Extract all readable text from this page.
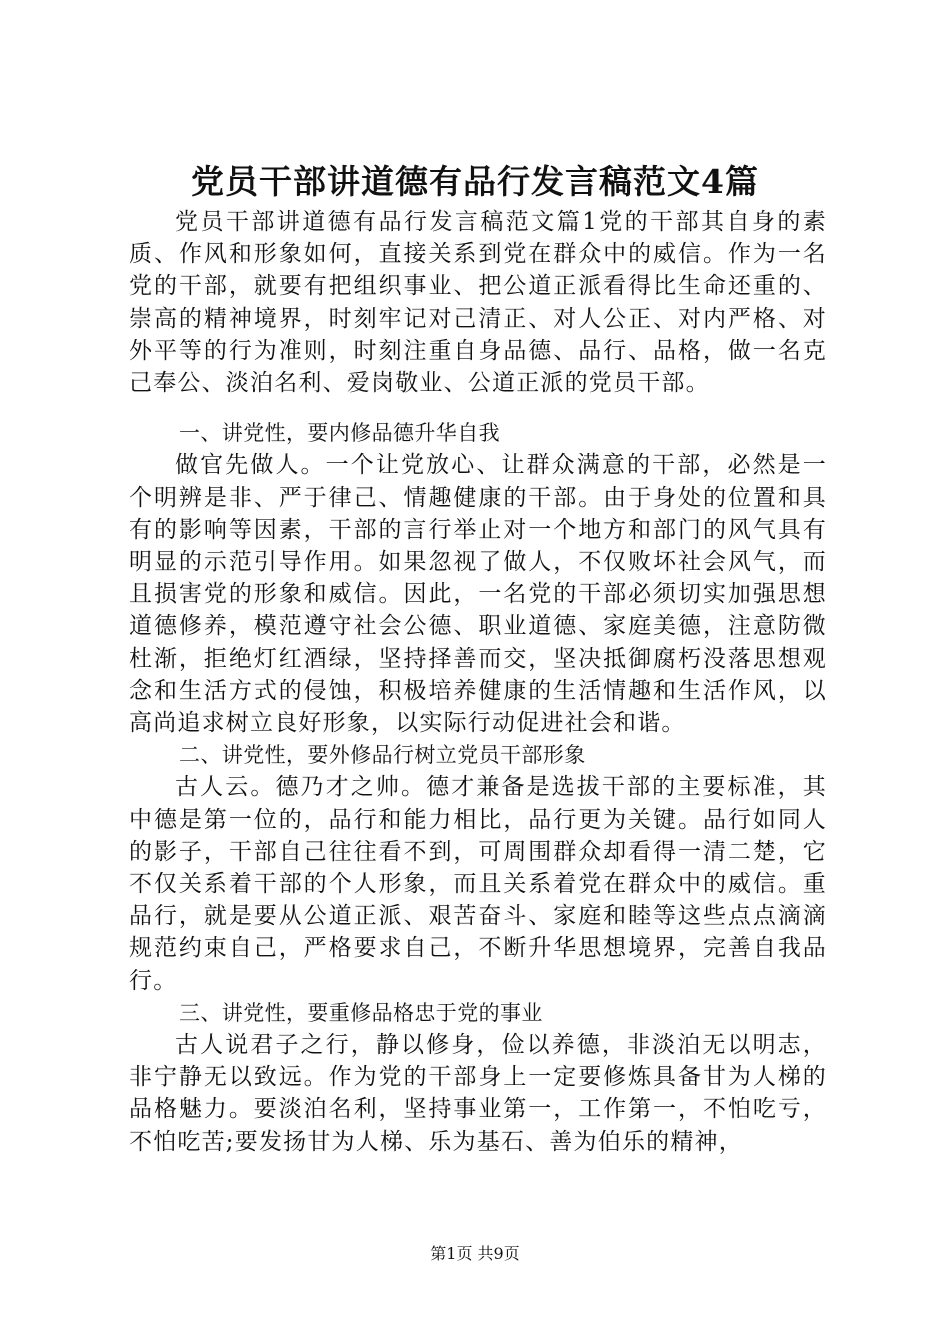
党员干部讲道德有品行发言稿范文4篇

党员干部讲道德有品行发言稿范文篇1党的干部其自身的素质、作风和形象如何，直接关系到党在群众中的威信。作为一名党的干部，就要有把组织事业、把公道正派看得比生命还重的、崇高的精神境界，时刻牢记对己清正、对人公正、对内严格、对外平等的行为准则，时刻注重自身品德、品行、品格，做一名克己奉公、淡泊名利、爱岗敬业、公道正派的党员干部。

一、讲党性，要内修品德升华自我

做官先做人。一个让党放心、让群众满意的干部，必然是一个明辨是非、严于律己、情趣健康的干部。由于身处的位置和具有的影响等因素，干部的言行举止对一个地方和部门的风气具有明显的示范引导作用。如果忽视了做人，不仅败坏社会风气，而且损害党的形象和威信。因此，一名党的干部必须切实加强思想道德修养，模范遵守社会公德、职业道德、家庭美德，注意防微杜渐，拒绝灯红酒绿，坚持择善而交，坚决抵御腐朽没落思想观念和生活方式的侵蚀，积极培养健康的生活情趣和生活作风，以高尚追求树立良好形象，以实际行动促进社会和谐。

二、讲党性，要外修品行树立党员干部形象

古人云。德乃才之帅。德才兼备是选拔干部的主要标准，其中德是第一位的，品行和能力相比，品行更为关键。品行如同人的影子，干部自己往往看不到，可周围群众却看得一清二楚，它不仅关系着干部的个人形象，而且关系着党在群众中的威信。重品行，就是要从公道正派、艰苦奋斗、家庭和睦等这些点点滴滴规范约束自己，严格要求自己，不断升华思想境界，完善自我品行。

三、讲党性，要重修品格忠于党的事业

古人说君子之行，静以修身，俭以养德，非淡泊无以明志，非宁静无以致远。作为党的干部身上一定要修炼具备甘为人梯的品格魅力。要淡泊名利，坚持事业第一，工作第一，不怕吃亏，不怕吃苦;要发扬甘为人梯、乐为基石、善为伯乐的精神，

第1页 共9页
